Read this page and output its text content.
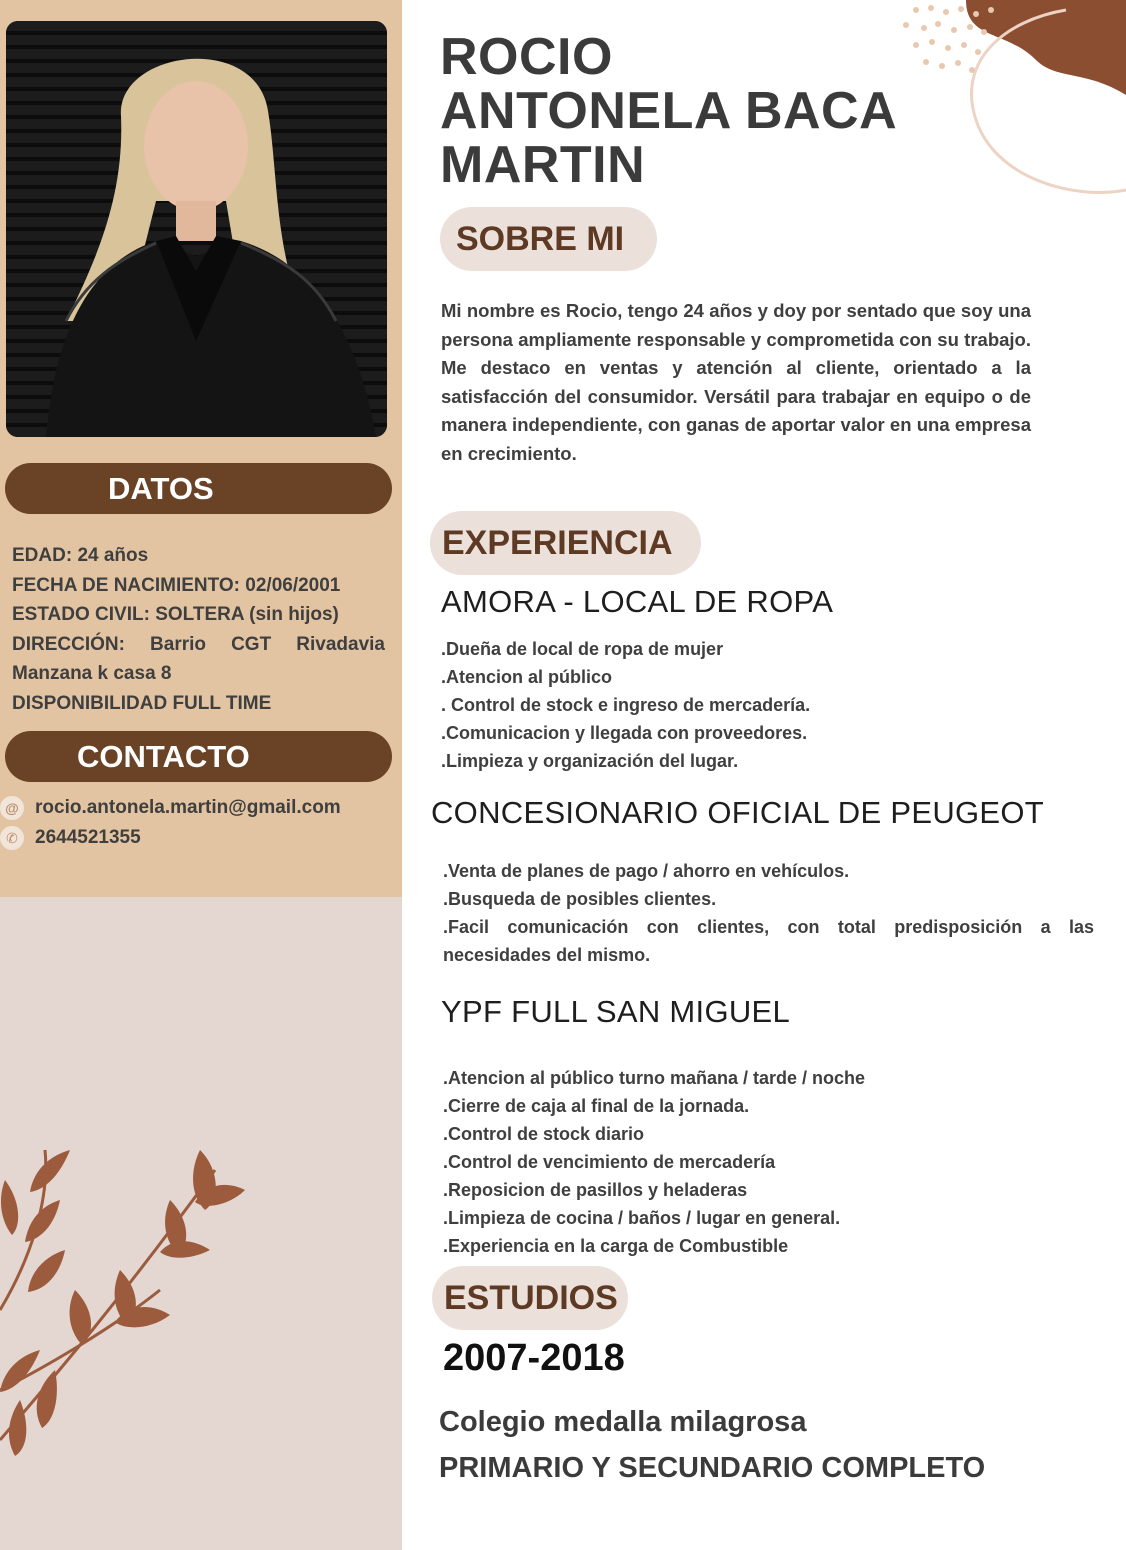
DATOS
EDAD: 24 años
FECHA DE NACIMIENTO: 02/06/2001
ESTADO CIVIL: SOLTERA (sin hijos)
DIRECCIÓN: Barrio CGT Rivadavia Manzana k casa 8
DISPONIBILIDAD FULL TIME
CONTACTO
@ rocio.antonela.martin@gmail.com
✆ 2644521355
ROCIO
ANTONELA BACA
MARTIN
SOBRE MI
Mi nombre es Rocio, tengo 24 años y doy por sentado que soy una persona ampliamente responsable y comprometida con su trabajo. Me destaco en ventas y atención al cliente, orientado a la satisfacción del consumidor. Versátil para trabajar en equipo o de manera independiente, con ganas de aportar valor en una empresa en crecimiento.
EXPERIENCIA
AMORA - LOCAL DE ROPA
.Dueña de local de ropa de mujer
.Atencion al público
. Control de stock e ingreso de mercadería.
.Comunicacion y llegada con proveedores.
.Limpieza y organización del lugar.
CONCESIONARIO OFICIAL DE PEUGEOT
.Venta de planes de pago / ahorro en vehículos.
.Busqueda de posibles clientes.
.Facil comunicación con clientes, con total predisposición a las necesidades del mismo.
YPF FULL SAN MIGUEL
.Atencion al público turno mañana / tarde / noche
.Cierre de caja al final de la jornada.
.Control de stock diario
.Control de vencimiento de mercadería
.Reposicion de pasillos y heladeras
.Limpieza de cocina / baños / lugar en general.
.Experiencia en la carga de Combustible
ESTUDIOS
2007-2018
Colegio medalla milagrosa
PRIMARIO Y SECUNDARIO COMPLETO
